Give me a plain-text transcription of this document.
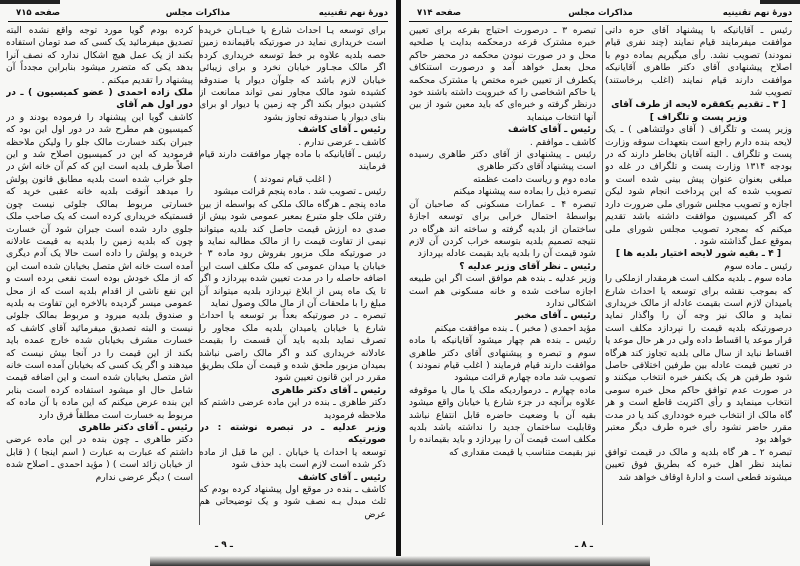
دورهٔ نهم تقنینیه
مذاکرات مجلس
صفحه ۷۱۵

برای توسعه یـا احداث شارع یا خیـابـان خریده است خریداری نماید در صورتیکه باقیمانده زمین حصه بلدیه علاوه بر خط توسعه خریداری کرده اگر مالک مجـاور خیابان نخرد و برای زیبائی خیابان لازم باشد که جلوآن دیوار یا صندوقه کشیده شود مالک مجاور نمی تواند ممانعت از کشیدن دیوار بکند اگر چه زمین یا دیوار او برای بنای دیوار یا صندوقه تجاوز بشود

رئیس ـ آقای کاشف

کاشف ـ عرضی ندارم .

رئیس ـ آقایانیکه با ماده چهار موافقت دارند قیام فرمایند

( اغلب قیام نمودند )

رئیس ـ تصویب شد . ماده پنجم قرائت میشود

ماده پنجم ـ هرگاه مالک ملکی که بواسطه از بین رفتن ملک جلو متبرع بمعبر عمومی شود بیش از صدی ده ارزش قیمت حاصل کند بلدیه میتواند نیمی از تفاوت قیمت را از مالک مطالبه نماید و در صورتیکه ملک مزبور بفروش رود ماده ۳ - خیابان یا میدان عمومی که ملک مکلف است این اضافه حاصله را در مدت تعیین شده بپردازد و اگر تا یک ماه پس از ابلاغ نپردازد بلدیه میتواند آن مبلغ را با ملحقات آن از مال مالک وصول نماید

تبصره ـ در صورتیکه بعداً بر توسعه یا احداث شارع یا خیابان یامیدان بلدیه ملک مجاور را تصرف نماید بلدیه باید آن قسمت را بقیمت عادلانه خریداری کند و اگر مالک راضی نباشد بمیدان مزبور ملحق شده و قیمت آن ملک بطریق مقرر در این قانون تعیین شود

رئیس ـ آقای دکتر طاهری

دکتر طاهری ـ بنده در این ماده عرضی داشتم که ملاحظه فرمودید

وزیر عدلیه ـ در تبصره نوشته : در صورتیکه

توسعه یا احداث یا خیابان . این ما قبل از ماده ذکر شده است لازم است باید حذف شود

رئیس ـ آقای کاشف

کاشف ـ بنده در موقع اول پیشنهاد کرده بودم که ثلث مبدل بـه نصف شود و یک توضیحاتی هم عرض

کرده بودم گویا مورد توجه واقع نشده البته تصدیق میفرمائید یک کسی که صد تومان استفاده بکند از یک عمل هیچ اشکال ندارد که نصف آنرا بدهد یکی که متضرر میشود بنابراین مجدداً آن پیشنهاد را تقدیم میکنم .

ملک زاده احمدی ( عضو کمیسیون ) ـ در دور اول هم آقای

کاشف گویا این پیشنهاد را فرموده بودند و در کمیسیون هم مطرح شد در دور اول این بود که جبران بکند خسارت مالک جلو را ولیکن ملاحظه فرمودید که این در کمیسیون اصلاح شد و این اصلاً طرف بلدیه است این که کم آن خانه اش در جلو خراب شده است بلدیه مطابق قانون پولش را میدهد آنوقت بلدیه خانه عقبی خرید که خسارتی مربوط بمالک جلوئی نیست چون قسمتیکه خریداری کرده است که یک صاحب ملک جلوی دارد شده است جبران شود آن خسارت چون که بلدیه زمین را بلدیه به قیمت عادلانه خریده و پولش را داده است حالا یک آدم دیگری آمده است خانه اش متصل بخیابان شده است این که از ملک خودش بوده است نفعی برده است و این نفع ناشی از اقدام بلدیه است که از محل عمومی میسر گردیده بالاخره این تفاوت به بلدیه و صندوق بلدیه میرود و مربوط بمالک جلوئی نیست و البته تصدیق میفرمائید آقای کاشف که خسارت مشرف بخیابان شده خارج عمده باید بکند از این قیمت را در آنجا بیش نیست که میدهند و اگر یک کسی که بخیابان آمده است خانه اش متصل بخیابان شده است و این اضافه قیمت شامل حال او میشود استفاده کرده است بنابر این بنده عرض میکنم که این ماده با آن ماده که مربوط به خسارت است مطلقاً فرق دارد

رئیس ـ آقای دکتر طاهری

دکتر طاهری ـ چون بنده در این ماده عرضی داشتم که عبارت به عبارت ( اسم اینجا ) ( قابل از خیابان زائد است ) ( مؤید احمدی ـ اصلاح شده است ) دیگر عرضی ندارم

ـ ۹ ـ
دورهٔ نهم تقنینیه
مذاکرات مجلس
صفحه ۷۱۴

رئیس ـ آقایانیکه با پیشنهاد آقای حزه داتی موافقت میفرمایند قیام نمایند (چند نفری قیام نمودند) تصویب نشد. رأی میگیریم بماده دوم با اصلاح پیشنهادی آقای دکتر طاهری آقایانیکه موافقت دارند قیام نمایند (اغلب برخاستند) تصویب شد

[ ۳ ـ تقدیم یکفقره لایحه از طرف آقای وزیر پست و تلگراف ]

وزیر پست و تلگراف ( آقای دولتشاهی ) ـ یک لایحه بنده دارم راجع است بتعهدات سوقه وزارت پست و تلگراف . البته آقایان بخاطر دارند که در بودجه ۱۳۱۴ وزارت پست و تلگراف در غله دو مبلغی بعنوان عنوان پیش بینی شده است و تصویب شده که این پرداخت انجام شود لیکن اجازه و تصویب مجلس شورای ملی ضرورت دارد که اگر کمیسیون موافقت داشته باشد تقدیم میکنم که بمجرد تصویب مجلس شورای ملی بموقع عمل گذاشته شود .

[ ۴ ـ بقیه شور لایحه اختیار بلدیه ها ]

رئیس ـ ماده سوم

ماده سوم ـ بلدیه مکلف است هرمقدار ازملکی را که بموجب نقشه برای توسعه یا احداث شارع یامیدان لازم است بقیمت عادله از مالک خریداری نماید و مالک نیز وجه آن را واگذار نماید درصورتیکه بلدیه قیمت را نپردازد مکلف است قرار موعد یا اقساط داده ولی در هر حال موعد یا اقساط نباید از سال مالی بلدیه تجاوز کند هرگاه در تعیین قیمت عادله بین طرفین اختلافی حاصل شود طرفین هر یک یکنفر خبره انتخاب میکنند و در صورت عدم توافق حاکم محل خبره سومی انتخاب مینماید و رأی اکثریت قاطع است و هر گاه مالک از انتخاب خبره خودداری کند یا در مدت مقرر حاضر نشود رأی خبره طرف دیگر معتبر خواهد بود

تبصره ۲ ـ هر گاه بلدیه و مالک در قیمت توافق نمایند نظر اهل خبره که بطریق فوق تعیین میشوند قطعی است و ادارهٔ اوقاف خواهد شد

تبصره ۳ ـ درصورت احتیاج بقرعه برای تعیین خبره مشترک قرعه درمحکمه بدایت یا صلحیه محل و در صورت نبودن محکمه در محضر حاکم محل بعمل خواهد آمد و درصورت استنکاف یکطرف از تعیین خبره مختص یا مشترک محکمه یا حاکم اشخاصی را که خبرویت داشته باشند خود درنظر گرفته و خبره‌ای که باید معین شود از بین آنها انتخاب مینماید

رئیس ـ آقای کاشف

کاشف ـ موافقم .

رئیس ـ پیشنهادی از آقای دکتر طاهری رسیده است پیشنهاد آقای دکتر طاهری

ماده دوم و ریاست دامت عظمته

تبصره ذیل را بماده سه پیشنهاد میکنم

تبصره ۴ ـ عمارات مسکونی که صاحبان آن بواسطهٔ احتمال خرابی برای توسعه اجازهٔ ساختمان از بلدیه گرفته و ساخته اند هرگاه در نتیجه تصمیم بلدیه بتوسعه خراب کردن آن لازم شود قیمت آن را بلدیه باید بقیمت عادله بپردازد

رئیس ـ نظر آقای وزیر عدلیه ؟

وزیر عدلیه ـ بنده هم موافق است اگر این طبیعه اجازه ساخت شده و خانه مسکونی هم است اشکالی ندارد

رئیس ـ آقای مخبر

مؤید احمدی ( مخبر ) ـ بنده موافقت میکنم

رئیس ـ بنده هم چهار میشود آقایانیکه با ماده سوم و تبصره و پیشنهادی آقای دکتر طاهری موافقت دارند قیام فرمایند ( اغلب قیام نمودند ) تصویب شد ماده چهارم قرائت میشود

ماده چهارم ـ درمواردیکه ملک یا مال یا موقوفه علاوه برآنچه در جزء شارع یا خیابان واقع میشود بقیه آن با وضعیت حاضره قابل انتفاع نباشد وقابلیت ساختمان جدید را نداشته باشد بلدیه مکلف است قیمت آن را بپردازد و باید بقیمانده را نیز بقیمت متناسب یا قیمت مقداری که

ـ ۸ ـ
